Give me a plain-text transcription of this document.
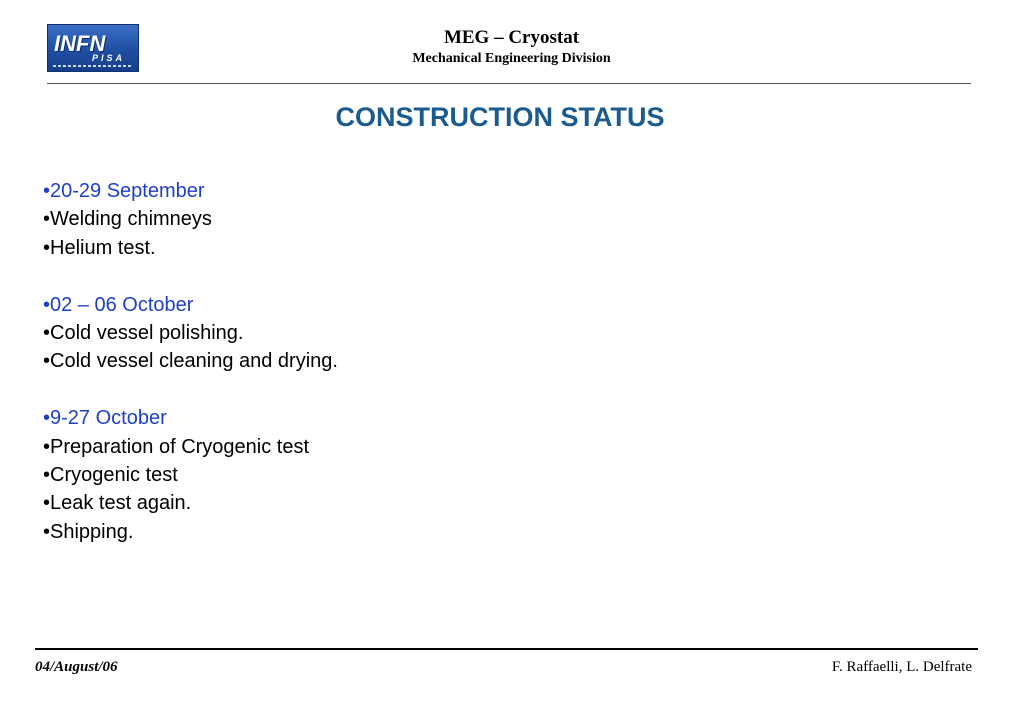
INFN
PISA
MEG – Cryostat
Mechanical Engineering Division
CONSTRUCTION STATUS
•20-29 September
•Welding chimneys
•Helium test.
•02 – 06 October
•Cold vessel polishing.
•Cold vessel cleaning and drying.
•9-27 October
•Preparation of Cryogenic test
•Cryogenic test
•Leak test again.
•Shipping.
04/August/06	F. Raffaelli, L. Delfrate
